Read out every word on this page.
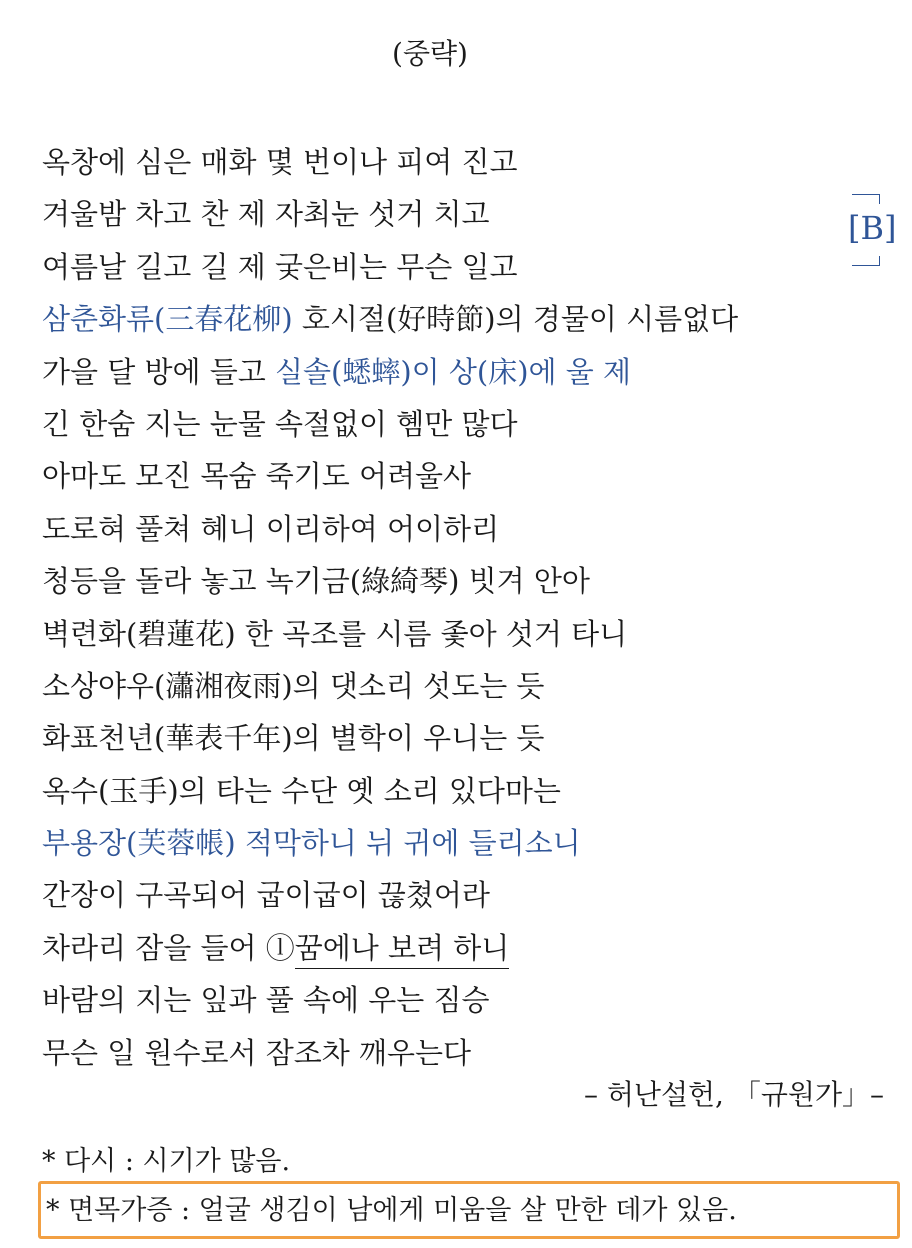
(중략)
[B]
옥창에 심은 매화 몇 번이나 피여 진고
겨울밤 차고 찬 제 자최눈 섯거 치고
여름날 길고 길 제 궂은비는 무슨 일고
삼춘화류(三春花柳) 호시절(好時節)의 경물이 시름없다
가을 달 방에 들고 실솔(蟋蟀)이 상(床)에 울 제
긴 한숨 지는 눈물 속절없이 혬만 많다
아마도 모진 목숨 죽기도 어려울사
도로혀 풀쳐 혜니 이리하여 어이하리
청등을 돌라 놓고 녹기금(綠綺琴) 빗겨 안아
벽련화(碧蓮花) 한 곡조를 시름 좇아 섯거 타니
소상야우(瀟湘夜雨)의 댓소리 섯도는 듯
화표천년(華表千年)의 별학이 우니는 듯
옥수(玉手)의 타는 수단 옛 소리 있다마는
부용장(芙蓉帳) 적막하니 뉘 귀에 들리소니
간장이 구곡되어 굽이굽이 끊쳤어라
차라리 잠을 들어 ⓛ꿈에나 보려 하니
바람의 지는 잎과 풀 속에 우는 짐승
무슨 일 원수로서 잠조차 깨우는다
– 허난설헌, 「규원가」–
* 다시 : 시기가 많음.
* 면목가증 : 얼굴 생김이 남에게 미움을 살 만한 데가 있음.
